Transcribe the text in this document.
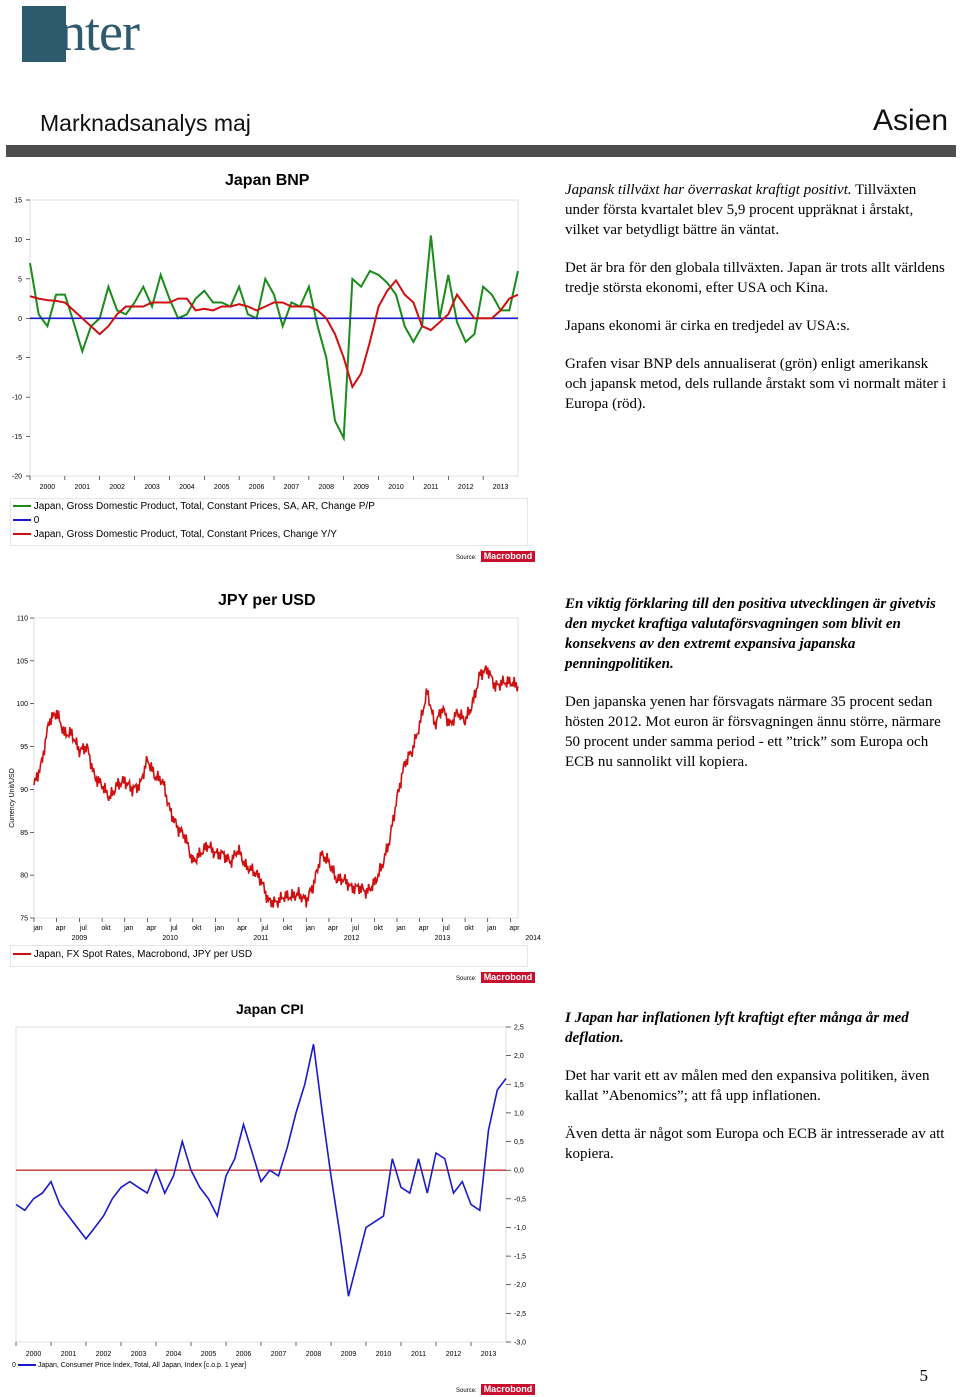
enter
Marknadsanalys maj	Asien
Japan BNP
15
10
5
0
-5
-10
-15
-20
2000	2001	2002	2003	2004	2005	2006	2007	2008	2009	2010	2011	2012	2013
Japan, Gross Domestic Product, Total, Constant Prices, SA, AR, Change P/P
0
Japan, Gross Domestic Product, Total, Constant Prices, Change Y/Y
Source: Macrobond
Japansk tillväxt har överraskat kraftigt positivt. Tillväxten under första kvartalet blev 5,9 procent uppräknat i årstakt, vilket var betydligt bättre än väntat.
Det är bra för den globala tillväxten. Japan är trots allt världens tredje största ekonomi, efter USA och Kina.
Japans ekonomi är cirka en tredjedel av USA:s.
Grafen visar BNP dels annualiserat (grön) enligt amerikansk och japansk metod, dels rullande årstakt som vi normalt mäter i Europa (röd).
JPY per USD
110
105
100
95
90
85
80
75
Currency Unit/USD
jan apr jul okt jan apr jul okt jan apr jul okt jan apr jul okt jan apr jul okt jan apr
2009	2010	2011	2012	2013	2014
Japan, FX Spot Rates, Macrobond, JPY per USD
Source: Macrobond
En viktig förklaring till den positiva utvecklingen är givetvis den mycket kraftiga valutaförsvagningen som blivit en konsekvens av den extremt expansiva japanska penningpolitiken.
Den japanska yenen har försvagats närmare 35 procent sedan hösten 2012. Mot euron är försvagningen ännu större, närmare 50 procent under samma period - ett ”trick” som Europa och ECB nu sannolikt vill kopiera.
Japan CPI
2,5
2,0
1,5
1,0
0,5
0,0
-0,5
-1,0
-1,5
-2,0
-2,5
-3,0
2000	2001	2002	2003	2004	2005	2006	2007	2008	2009	2010	2011	2012	2013
0	Japan, Consumer Price Index, Total, All Japan, Index [c.o.p. 1 year]
Source: Macrobond
I Japan har inflationen lyft kraftigt efter många år med deflation.
Det har varit ett av målen med den expansiva politiken, även kallat ”Abenomics”; att få upp inflationen.
Även detta är något som Europa och ECB är intresserade av att kopiera.
5
